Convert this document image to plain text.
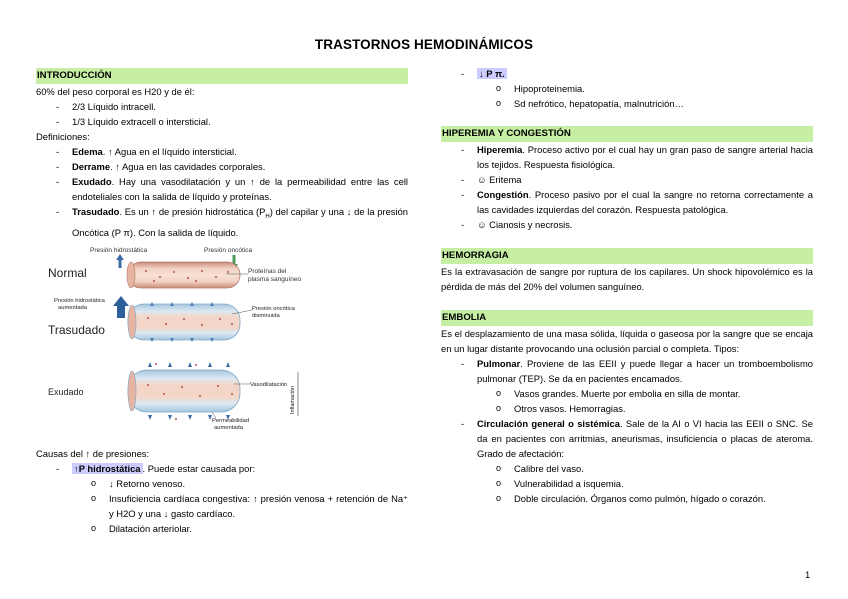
TRASTORNOS HEMODINÁMICOS
INTRODUCCIÓN
60% del peso corporal es H20 y de él:
- 2/3 Líquido intracell.
- 1/3 Líquido extracell o intersticial.
Definiciones:
- Edema. ↑ Agua en el líquido intersticial.
- Derrame. ↑ Agua en las cavidades corporales.
- Exudado. Hay una vasodilatación y un ↑ de la permeabilidad entre las cell endoteliales con la salida de líquido y proteínas.
- Trasudado. Es un ↑ de presión hidrostática $(P_H)$ del capilar y una ↓ de la presión Oncótica (P π). Con la salida de líquido.
Normal
Presión hidrostática	Presión oncótica
Proteínas del
plasma sanguíneo
Presión hidrostática
aumentada
Trasudado
Presión oncótica
disminuida
Exudado
Vasodilatación
Permeabilidad
aumentada
Inflamación
Causas del ↑ de presiones:
- ↑P hidrostática . Puede estar causada por:
o ↓ Retorno venoso.
o Insuficiencia cardíaca congestiva: ↑ presión venosa + retención de Na⁺ y H2O y una ↓ gasto cardíaco.
o Dilatación arteriolar.
- ↓ P π.
o Hipoproteinemia.
o Sd nefrótico, hepatopatía, malnutrición…
HIPEREMIA Y CONGESTIÓN
- Hiperemia. Proceso activo por el cual hay un gran paso de sangre arterial hacia los tejidos. Respuesta fisiológica.
- ☺ Eritema
- Congestión. Proceso pasivo por el cual la sangre no retorna correctamente a las cavidades izquierdas del corazón. Respuesta patológica.
- ☺ Cianosis y necrosis.
HEMORRAGIA
Es la extravasación de sangre por ruptura de los capilares. Un shock hipovolémico es la pérdida de más del 20% del volumen sanguíneo.
EMBOLIA
Es el desplazamiento de una masa sólida, líquida o gaseosa por la sangre que se encaja en un lugar distante provocando una oclusión parcial o completa. Tipos:
- Pulmonar. Proviene de las EEII y puede llegar a hacer un tromboembolismo pulmonar (TEP). Se da en pacientes encamados.
o Vasos grandes. Muerte por embolia en silla de montar.
o Otros vasos. Hemorragias.
- Circulación general o sistémica. Sale de la AI o VI hacia las EEII o SNC. Se da en pacientes con arritmias, aneurismas, insuficiencia o placas de ateroma. Grado de afectación:
o Calibre del vaso.
o Vulnerabilidad a isquemia.
o Doble circulación. Órganos como pulmón, hígado o corazón.
1
